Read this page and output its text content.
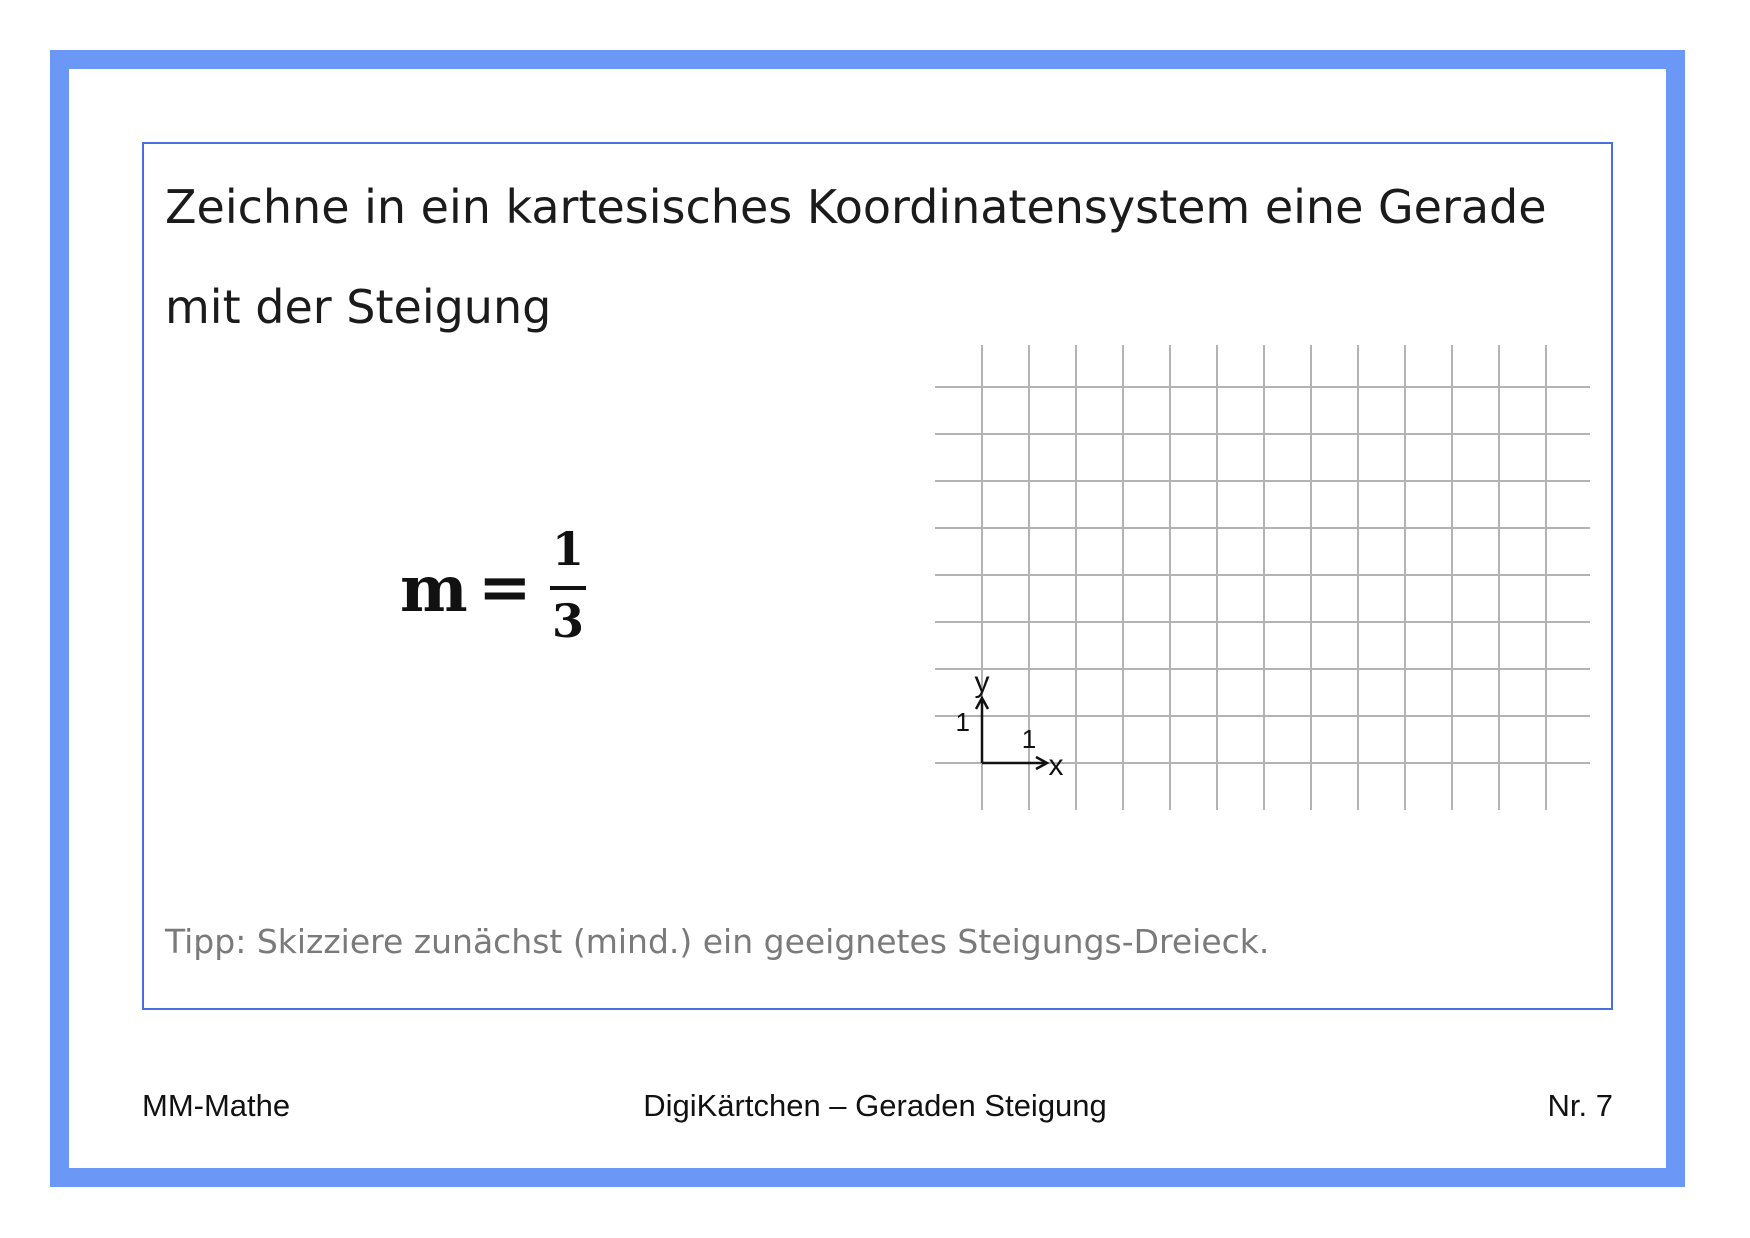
Zeichne in ein kartesisches Koordinatensystem eine Gerade

mit der Steigung

m =
1
3
y
x
1
1

Tipp: Skizziere zunächst (mind.) ein geeignetes Steigungs-Dreieck.

MM-Mathe	DigiKärtchen – Geraden Steigung	Nr. 7
